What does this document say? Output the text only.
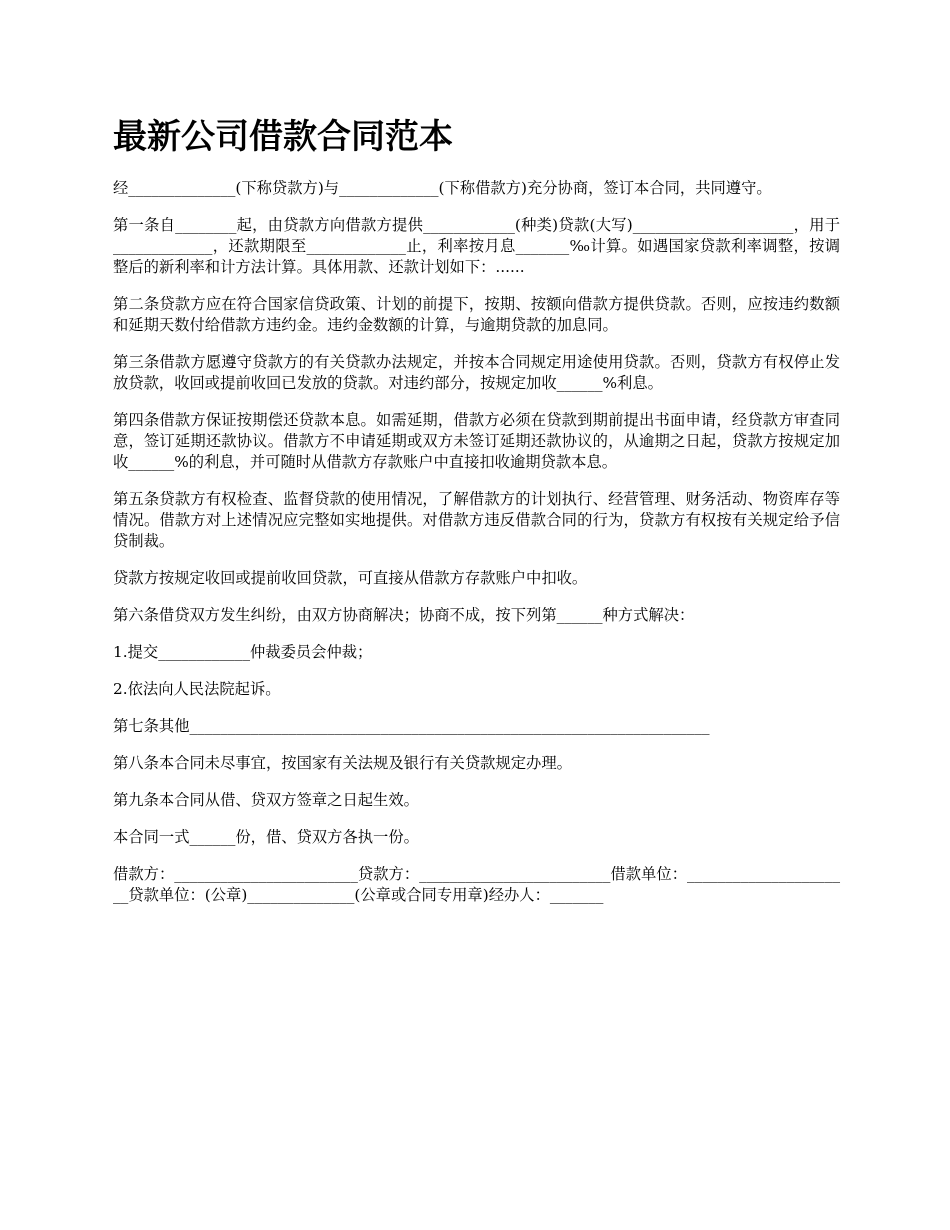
最新公司借款合同范本

经______________(下称贷款方)与_____________(下称借款方)充分协商，签订本合同，共同遵守。

第一条自________起，由贷款方向借款方提供____________(种类)贷款(大写)_____________________，用于_____________，还款期限至_____________止，利率按月息_______‰计算。如遇国家贷款利率调整，按调整后的新利率和计方法计算。具体用款、还款计划如下：......

第二条贷款方应在符合国家信贷政策、计划的前提下，按期、按额向借款方提供贷款。否则，应按违约数额和延期天数付给借款方违约金。违约金数额的计算，与逾期贷款的加息同。

第三条借款方愿遵守贷款方的有关贷款办法规定，并按本合同规定用途使用贷款。否则，贷款方有权停止发放贷款，收回或提前收回已发放的贷款。对违约部分，按规定加收______%利息。

第四条借款方保证按期偿还贷款本息。如需延期，借款方必须在贷款到期前提出书面申请，经贷款方审查同意，签订延期还款协议。借款方不申请延期或双方未签订延期还款协议的，从逾期之日起，贷款方按规定加收______%的利息，并可随时从借款方存款账户中直接扣收逾期贷款本息。

第五条贷款方有权检查、监督贷款的使用情况，了解借款方的计划执行、经营管理、财务活动、物资库存等情况。借款方对上述情况应完整如实地提供。对借款方违反借款合同的行为，贷款方有权按有关规定给予信贷制裁。

贷款方按规定收回或提前收回贷款，可直接从借款方存款账户中扣收。

第六条借贷双方发生纠纷，由双方协商解决；协商不成，按下列第______种方式解决：

1.提交____________仲裁委员会仲裁；

2.依法向人民法院起诉。

第七条其他____________________________________________________________________

第八条本合同未尽事宜，按国家有关法规及银行有关贷款规定办理。

第九条本合同从借、贷双方签章之日起生效。

本合同一式______份，借、贷双方各执一份。

借款方：________________________贷款方：_________________________借款单位：______________________贷款单位：(公章)______________(公章或合同专用章)经办人：_______
